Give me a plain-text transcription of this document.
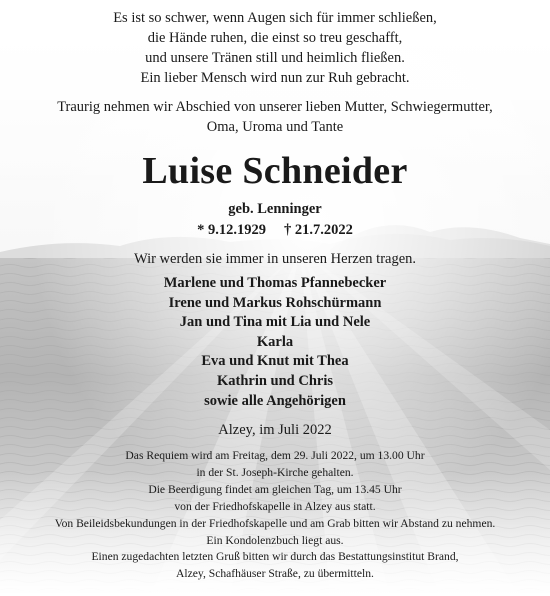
Es ist so schwer, wenn Augen sich für immer schließen,
die Hände ruhen, die einst so treu geschafft,
und unsere Tränen still und heimlich fließen.
Ein lieber Mensch wird nun zur Ruh gebracht.
Traurig nehmen wir Abschied von unserer lieben Mutter, Schwiegermutter,
Oma, Uroma und Tante
Luise Schneider
geb. Lenninger
* 9.12.1929 † 21.7.2022
Wir werden sie immer in unseren Herzen tragen.
Marlene und Thomas Pfannebecker
Irene und Markus Rohschürmann
Jan und Tina mit Lia und Nele
Karla
Eva und Knut mit Thea
Kathrin und Chris
sowie alle Angehörigen
Alzey, im Juli 2022
Das Requiem wird am Freitag, dem 29. Juli 2022, um 13.00 Uhr
in der St. Joseph-Kirche gehalten.
Die Beerdigung findet am gleichen Tag, um 13.45 Uhr
von der Friedhofskapelle in Alzey aus statt.
Von Beileidsbekundungen in der Friedhofskapelle und am Grab bitten wir Abstand zu nehmen.
Ein Kondolenzbuch liegt aus.
Einen zugedachten letzten Gruß bitten wir durch das Bestattungsinstitut Brand,
Alzey, Schafhäuser Straße, zu übermitteln.
